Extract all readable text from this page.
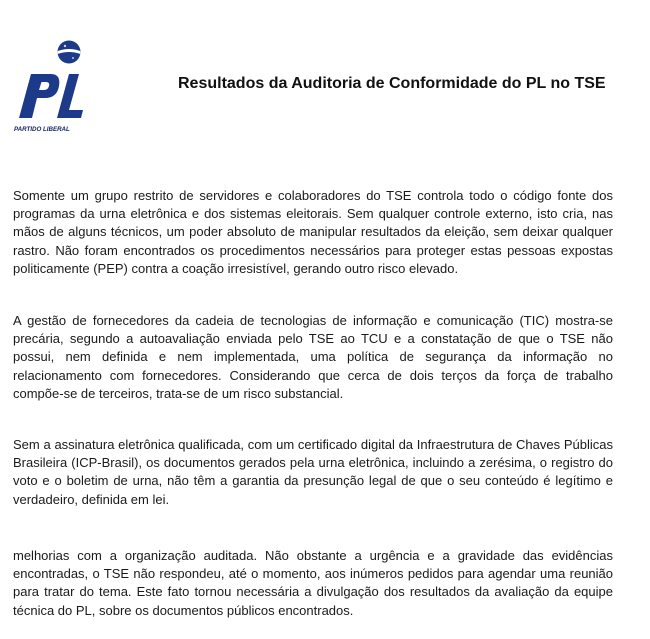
PARTIDO LIBERAL
Resultados da Auditoria de Conformidade do PL no TSE

Somente um grupo restrito de servidores e colaboradores do TSE controla todo o código fonte dos programas da urna eletrônica e dos sistemas eleitorais. Sem qualquer controle externo, isto cria, nas mãos de alguns técnicos, um poder absoluto de manipular resultados da eleição, sem deixar qualquer rastro. Não foram encontrados os procedimentos necessários para proteger estas pessoas expostas politicamente (PEP) contra a coação irresistível, gerando outro risco elevado.

A gestão de fornecedores da cadeia de tecnologias de informação e comunicação (TIC) mostra-se precária, segundo a autoavaliação enviada pelo TSE ao TCU e a constatação de que o TSE não possui, nem definida e nem implementada, uma política de segurança da informação no relacionamento com fornecedores. Considerando que cerca de dois terços da força de trabalho compõe-se de terceiros, trata-se de um risco substancial.

Sem a assinatura eletrônica qualificada, com um certificado digital da Infraestrutura de Chaves Públicas Brasileira (ICP-Brasil), os documentos gerados pela urna eletrônica, incluindo a zerésima, o registro do voto e o boletim de urna, não têm a garantia da presunção legal de que o seu conteúdo é legítimo e verdadeiro, definida em lei.

melhorias com a organização auditada. Não obstante a urgência e a gravidade das evidências encontradas, o TSE não respondeu, até o momento, aos inúmeros pedidos para agendar uma reunião para tratar do tema. Este fato tornou necessária a divulgação dos resultados da avaliação da equipe técnica do PL, sobre os documentos públicos encontrados.
